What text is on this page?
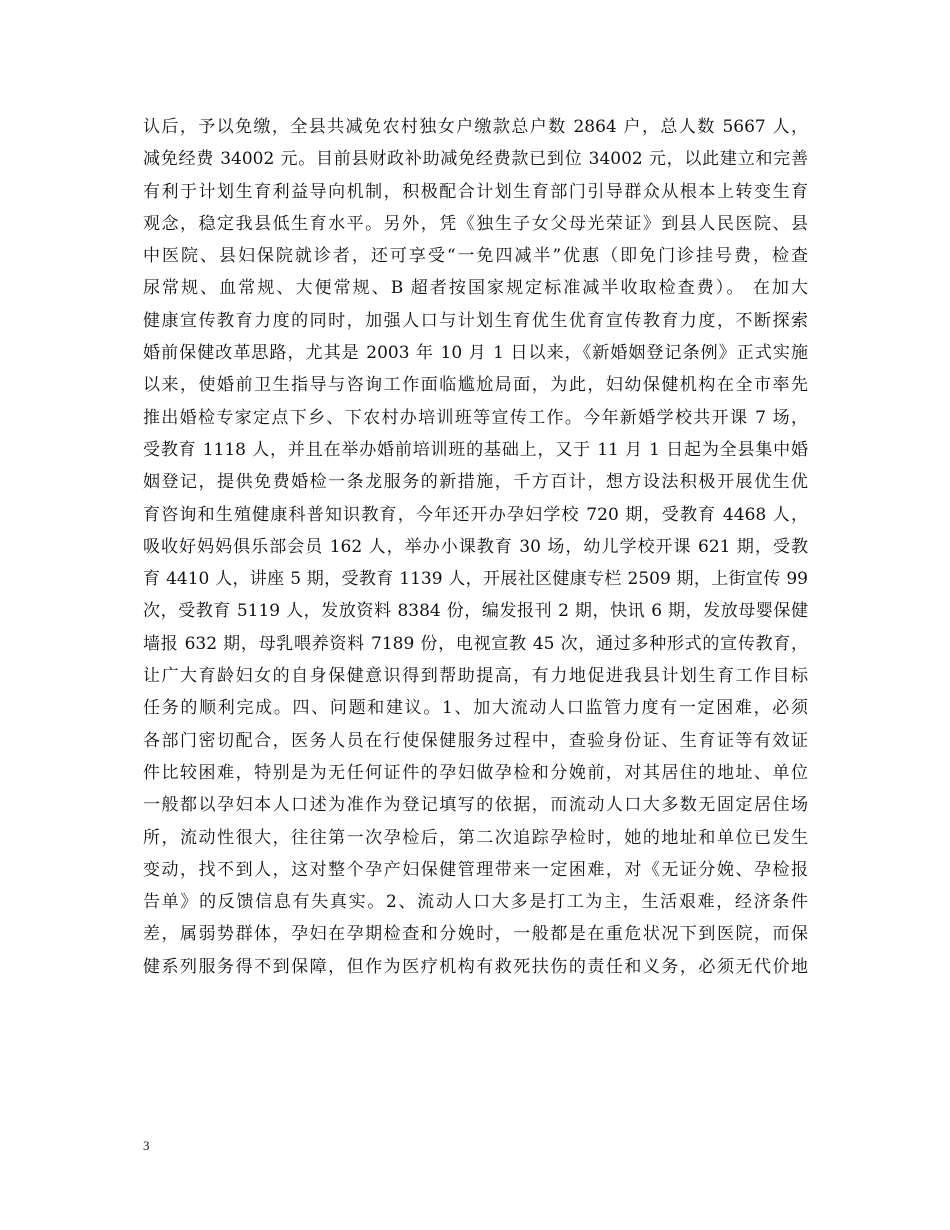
认后，予以免缴，全县共减免农村独女户缴款总户数 2864 户，总人数 5667 人，
减免经费 34002 元。目前县财政补助减免经费款已到位 34002 元，以此建立和完善
有利于计划生育利益导向机制，积极配合计划生育部门引导群众从根本上转变生育
观念，稳定我县低生育水平。另外，凭《独生子女父母光荣证》到县人民医院、县
中医院、县妇保院就诊者，还可享受“一免四减半”优惠（即免门诊挂号费，检查
尿常规、血常规、大便常规、B 超者按国家规定标准减半收取检查费）。 在加大
健康宣传教育力度的同时，加强人口与计划生育优生优育宣传教育力度，不断探索
婚前保健改革思路，尤其是 2003 年 10 月 1 日以来，《新婚姻登记条例》正式实施
以来，使婚前卫生指导与咨询工作面临尴尬局面，为此，妇幼保健机构在全市率先
推出婚检专家定点下乡、下农村办培训班等宣传工作。今年新婚学校共开课 7 场，
受教育 1118 人，并且在举办婚前培训班的基础上，又于 11 月 1 日起为全县集中婚
姻登记，提供免费婚检一条龙服务的新措施，千方百计，想方设法积极开展优生优
育咨询和生殖健康科普知识教育，今年还开办孕妇学校 720 期，受教育 4468 人，
吸收好妈妈俱乐部会员 162 人，举办小课教育 30 场，幼儿学校开课 621 期，受教
育 4410 人，讲座 5 期，受教育 1139 人，开展社区健康专栏 2509 期，上街宣传 99
次，受教育 5119 人，发放资料 8384 份，编发报刊 2 期，快讯 6 期，发放母婴保健
墙报 632 期，母乳喂养资料 7189 份，电视宣教 45 次，通过多种形式的宣传教育，
让广大育龄妇女的自身保健意识得到帮助提高，有力地促进我县计划生育工作目标
任务的顺利完成。四、问题和建议。1、加大流动人口监管力度有一定困难，必须
各部门密切配合，医务人员在行使保健服务过程中，查验身份证、生育证等有效证
件比较困难，特别是为无任何证件的孕妇做孕检和分娩前，对其居住的地址、单位
一般都以孕妇本人口述为准作为登记填写的依据，而流动人口大多数无固定居住场
所，流动性很大，往往第一次孕检后，第二次追踪孕检时，她的地址和单位已发生
变动，找不到人，这对整个孕产妇保健管理带来一定困难，对《无证分娩、孕检报
告单》的反馈信息有失真实。2、流动人口大多是打工为主，生活艰难，经济条件
差，属弱势群体，孕妇在孕期检查和分娩时，一般都是在重危状况下到医院，而保
健系列服务得不到保障，但作为医疗机构有救死扶伤的责任和义务，必须无代价地
3
